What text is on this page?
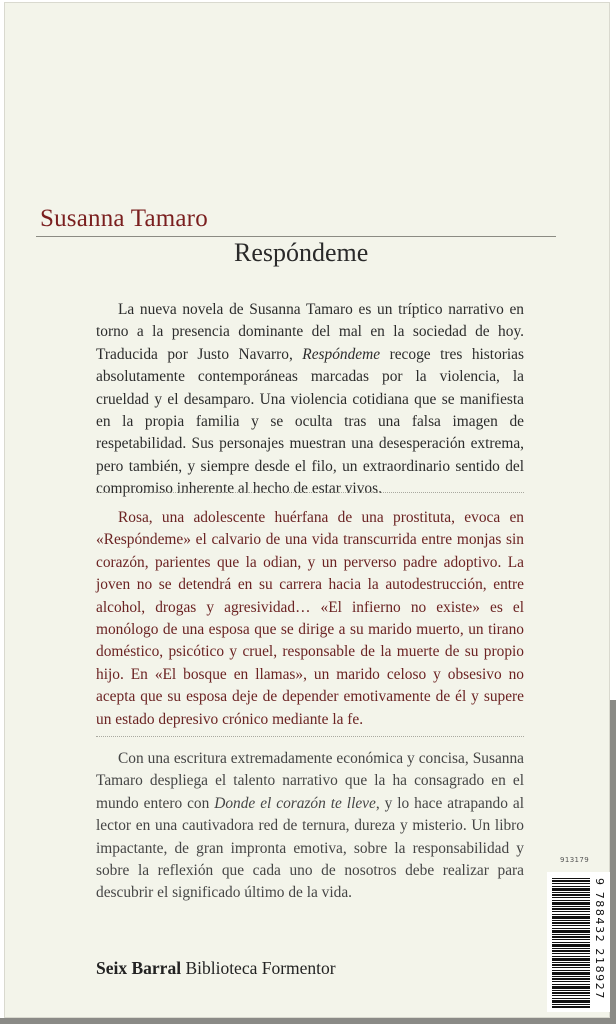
Susanna Tamaro
Respóndeme

La nueva novela de Susanna Tamaro es un tríptico narrativo en torno a la presencia dominante del mal en la sociedad de hoy. Traducida por Justo Navarro, Respóndeme recoge tres historias absolutamente contemporáneas marcadas por la violencia, la crueldad y el desamparo. Una violencia cotidiana que se manifiesta en la propia familia y se oculta tras una falsa imagen de respetabilidad. Sus personajes muestran una desesperación extrema, pero también, y siempre desde el filo, un extraordinario sentido del compromiso inherente al hecho de estar vivos.

Rosa, una adolescente huérfana de una prostituta, evoca en «Respóndeme» el calvario de una vida transcurrida entre monjas sin corazón, parientes que la odian, y un perverso padre adoptivo. La joven no se detendrá en su carrera hacia la autodestrucción, entre alcohol, drogas y agresividad… «El infierno no existe» es el monólogo de una esposa que se dirige a su marido muerto, un tirano doméstico, psicótico y cruel, responsable de la muerte de su propio hijo. En «El bosque en llamas», un marido celoso y obsesivo no acepta que su esposa deje de depender emotivamente de él y supere un estado depresivo crónico mediante la fe.

Con una escritura extremadamente económica y concisa, Susanna Tamaro despliega el talento narrativo que la ha consagrado en el mundo entero con Donde el corazón te lleve, y lo hace atrapando al lector en una cautivadora red de ternura, dureza y misterio. Un libro impactante, de gran impronta emotiva, sobre la responsabilidad y sobre la reflexión que cada uno de nosotros debe realizar para descubrir el significado último de la vida.

Seix Barral Biblioteca Formentor
913179
9 788432 218927
